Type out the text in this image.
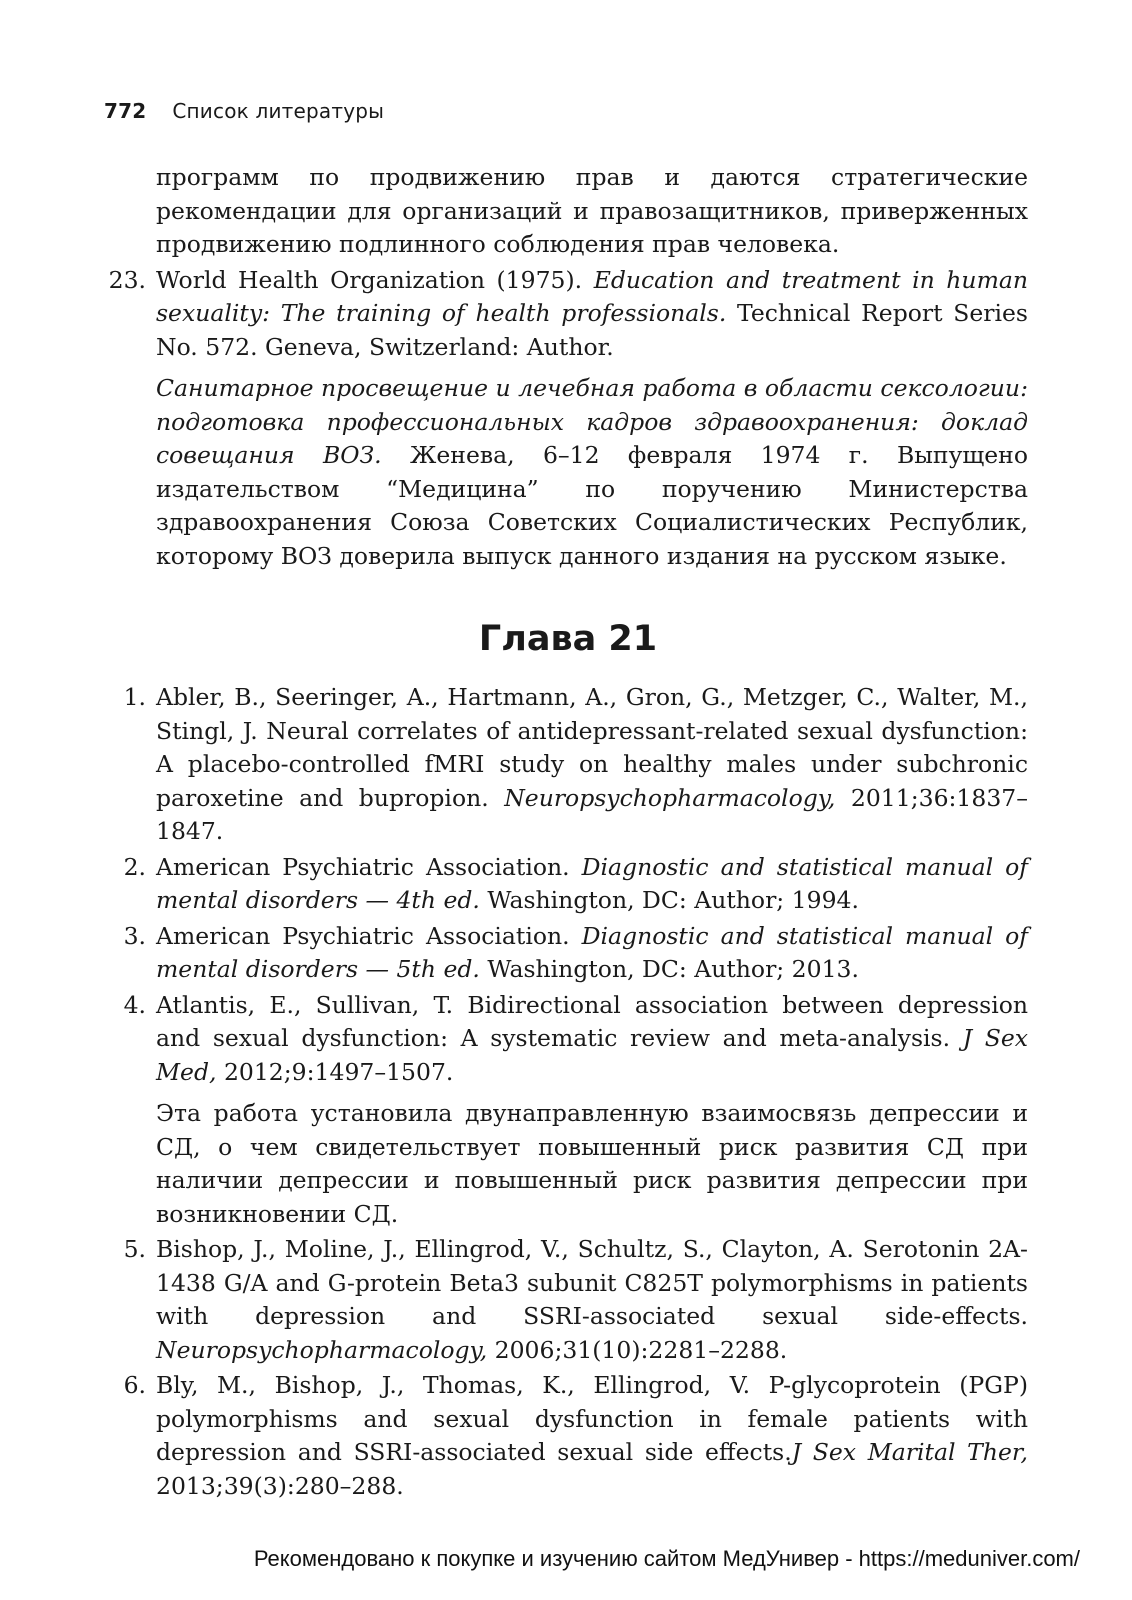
772 Список литературы
программ по продвижению прав и даются стратегические рекомендации для организаций и правозащитников, приверженных продвижению подлинного соблюдения прав человека.
23. World Health Organization (1975). Education and treatment in human sexuality: The training of health professionals. Technical Report Series No. 572. Geneva, Switzerland: Author.
Санитарное просвещение и лечебная работа в области сексологии: подготовка профессиональных кадров здравоохранения: доклад совещания ВОЗ. Женева, 6–12 февраля 1974 г. Выпущено издательством “Медицина” по поручению Министерства здравоохранения Союза Советских Социалистических Республик, которому ВОЗ доверила выпуск данного издания на русском языке.
Глава 21
1. Abler, B., Seeringer, A., Hartmann, A., Gron, G., Metzger, C., Walter, M., Stingl, J. Neural correlates of antidepressant-related sexual dysfunction: A placebo-controlled fMRI study on healthy males under subchronic paroxetine and bupropion. Neuropsychopharmacology, 2011;36:1837–1847.
2. American Psychiatric Association. Diagnostic and statistical manual of mental disorders — 4th ed. Washington, DC: Author; 1994.
3. American Psychiatric Association. Diagnostic and statistical manual of mental disorders — 5th ed. Washington, DC: Author; 2013.
4. Atlantis, E., Sullivan, T. Bidirectional association between depression and sexual dysfunction: A systematic review and meta-analysis. J Sex Med, 2012;9:1497–1507.
Эта работа установила двунаправленную взаимосвязь депрессии и СД, о чем свидетельствует повышенный риск развития СД при наличии депрессии и повышенный риск развития депрессии при возникновении СД.
5. Bishop, J., Moline, J., Ellingrod, V., Schultz, S., Clayton, A. Serotonin 2A-1438 G/A and G-protein Beta3 subunit C825T polymorphisms in patients with depression and SSRI-associated sexual side-effects. Neuropsychopharmacology, 2006;31(10):2281–2288.
6. Bly, M., Bishop, J., Thomas, K., Ellingrod, V. P-glycoprotein (PGP) polymorphisms and sexual dysfunction in female patients with depression and SSRI-associated sexual side effects.J Sex Marital Ther, 2013;39(3):280–288.
Рекомендовано к покупке и изучению сайтом МедУнивер - https://meduniver.com/
